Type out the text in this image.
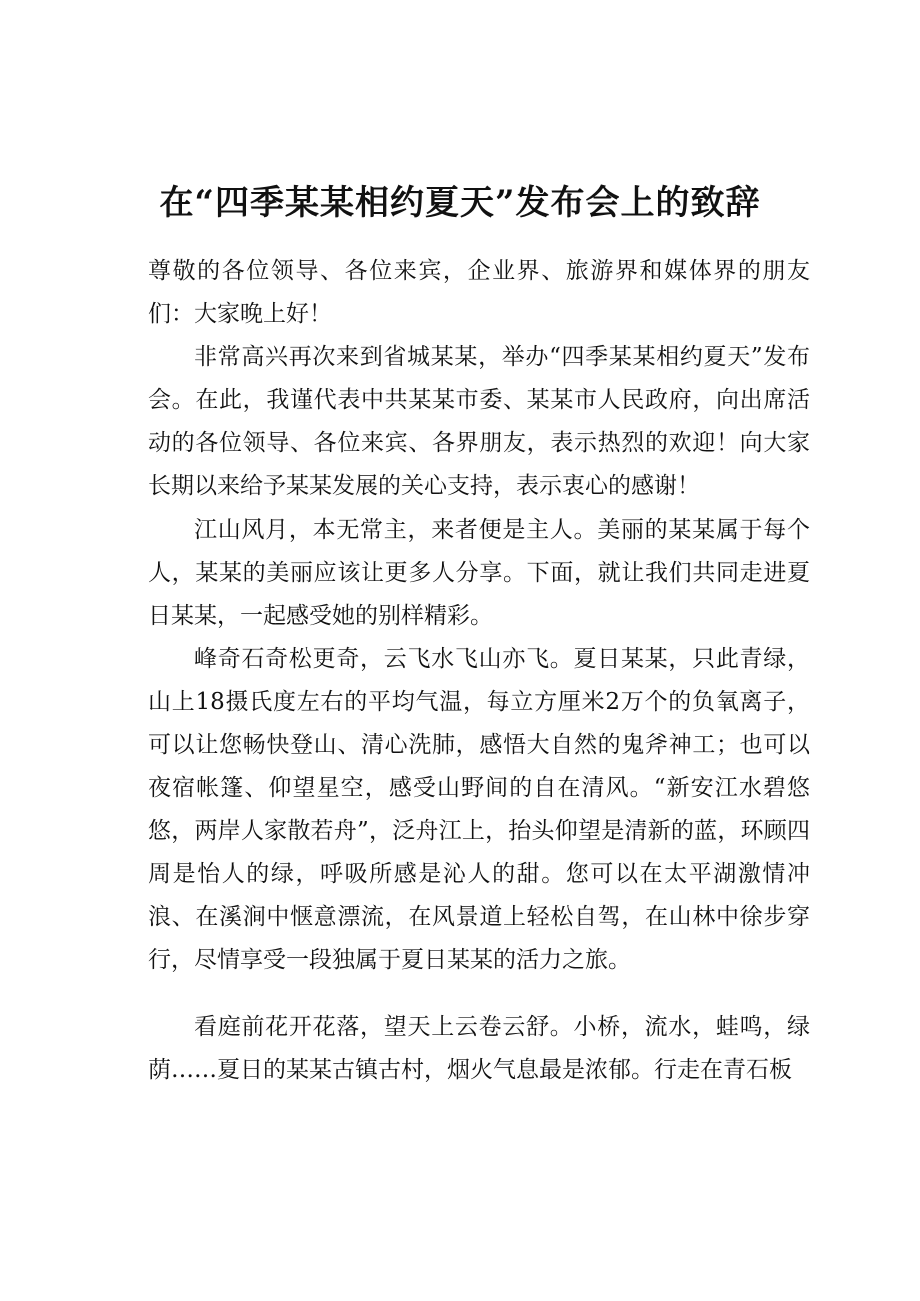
在“四季某某相约夏天”发布会上的致辞

尊敬的各位领导、各位来宾，企业界、旅游界和媒体界的朋友们： 大家晚上好！

非常高兴再次来到省城某某，举办“四季某某相约夏天”发布会。在此，我谨代表中共某某市委、某某市人民政府，向出席活动的各位领导、各位来宾、各界朋友，表示热烈的欢迎！向大家长期以来给予某某发展的关心支持，表示衷心的感谢！

江山风月，本无常主，来者便是主人。美丽的某某属于每个人，某某的美丽应该让更多人分享。下面，就让我们共同走进夏日某某，一起感受她的别样精彩。

峰奇石奇松更奇，云飞水飞山亦飞。夏日某某，只此青绿，山上18摄氏度左右的平均气温，每立方厘米2万个的负氧离子，可以让您畅快登山、清心洗肺，感悟大自然的鬼斧神工；也可以夜宿帐篷、仰望星空，感受山野间的自在清风。“新安江水碧悠悠，两岸人家散若舟”，泛舟江上，抬头仰望是清新的蓝，环顾四周是怡人的绿，呼吸所感是沁人的甜。您可以在太平湖激情冲浪、在溪涧中惬意漂流，在风景道上轻松自驾，在山林中徐步穿行，尽情享受一段独属于夏日某某的活力之旅。

看庭前花开花落，望天上云卷云舒。小桥，流水，蛙鸣，绿荫……夏日的某某古镇古村，烟火气息最是浓郁。行走在青石板
